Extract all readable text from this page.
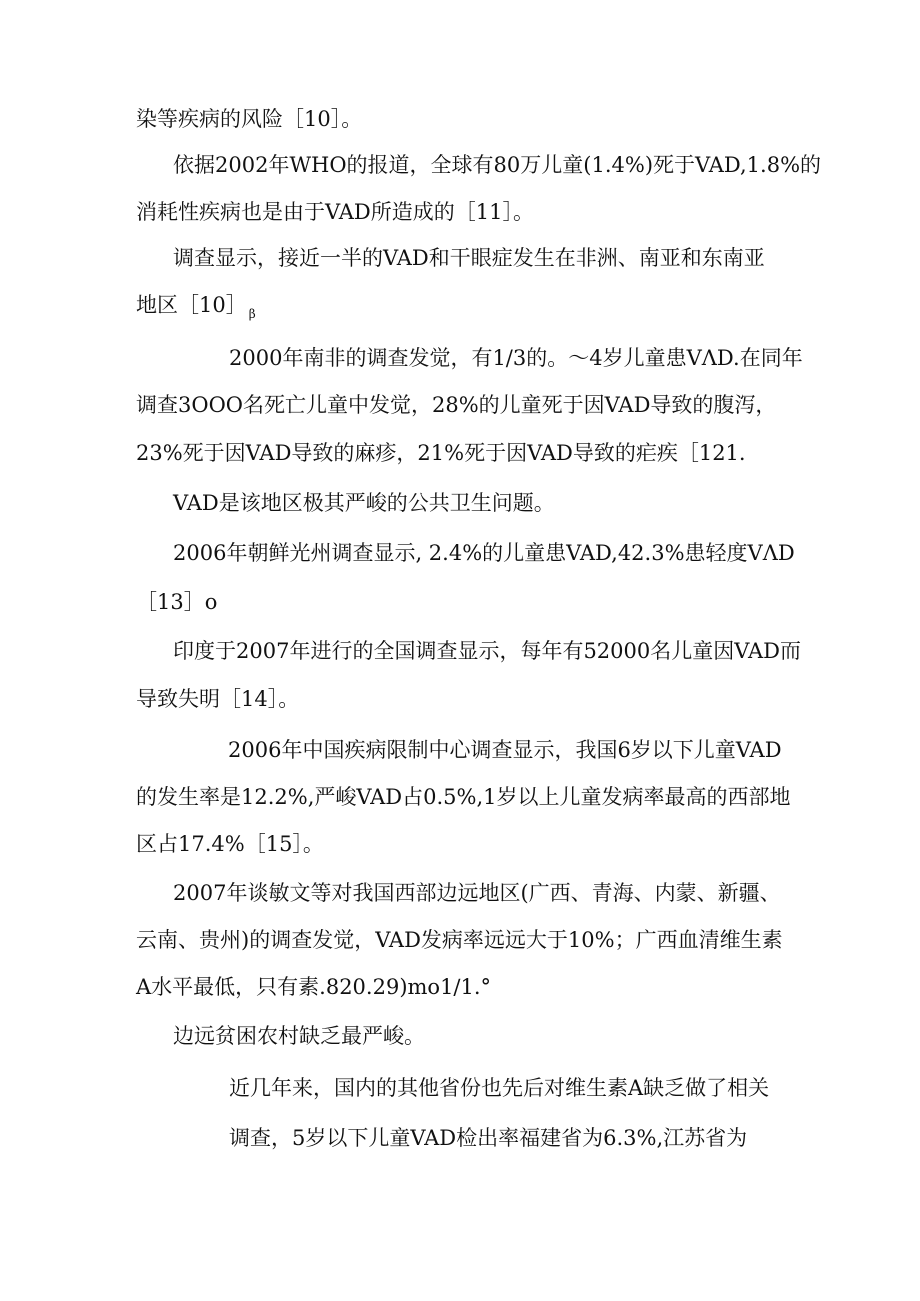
染等疾病的风险［10］。
依据2002年WHO的报道，全球有80万儿童(1.4%)死于VAD,1.8%的
消耗性疾病也是由于VAD所造成的［11］。
调查显示，接近一半的VAD和干眼症发生在非洲、南亚和东南亚
地区［10］ $_\beta$
2000年南非的调查发觉，有1/3的。～4岁儿童患VΛD.在同年
调查3OOO名死亡儿童中发觉，28%的儿童死于因VAD导致的腹泻，
23%死于因VAD导致的麻疹，21%死于因VAD导致的疟疾［121.
VAD是该地区极其严峻的公共卫生问题。
2006年朝鲜光州调查显示, 2.4%的儿童患VAD,42.3%患轻度VΛD
［13］o
印度于2007年进行的全国调查显示，每年有52000名儿童因VAD而
导致失明［14］。
2006年中国疾病限制中心调查显示，我国6岁以下儿童VAD
的发生率是12.2%,严峻VAD占0.5%,1岁以上儿童发病率最高的西部地
区占17.4%［15］。
2007年谈敏文等对我国西部边远地区(广西、青海、内蒙、新疆、
云南、贵州)的调查发觉，VAD发病率远远大于10%；广西血清维生素
A水平最低，只有素.820.29)mo1∕1.°
边远贫困农村缺乏最严峻。
近几年来，国内的其他省份也先后对维生素A缺乏做了相关
调查，5岁以下儿童VAD检出率福建省为6.3%,江苏省为
